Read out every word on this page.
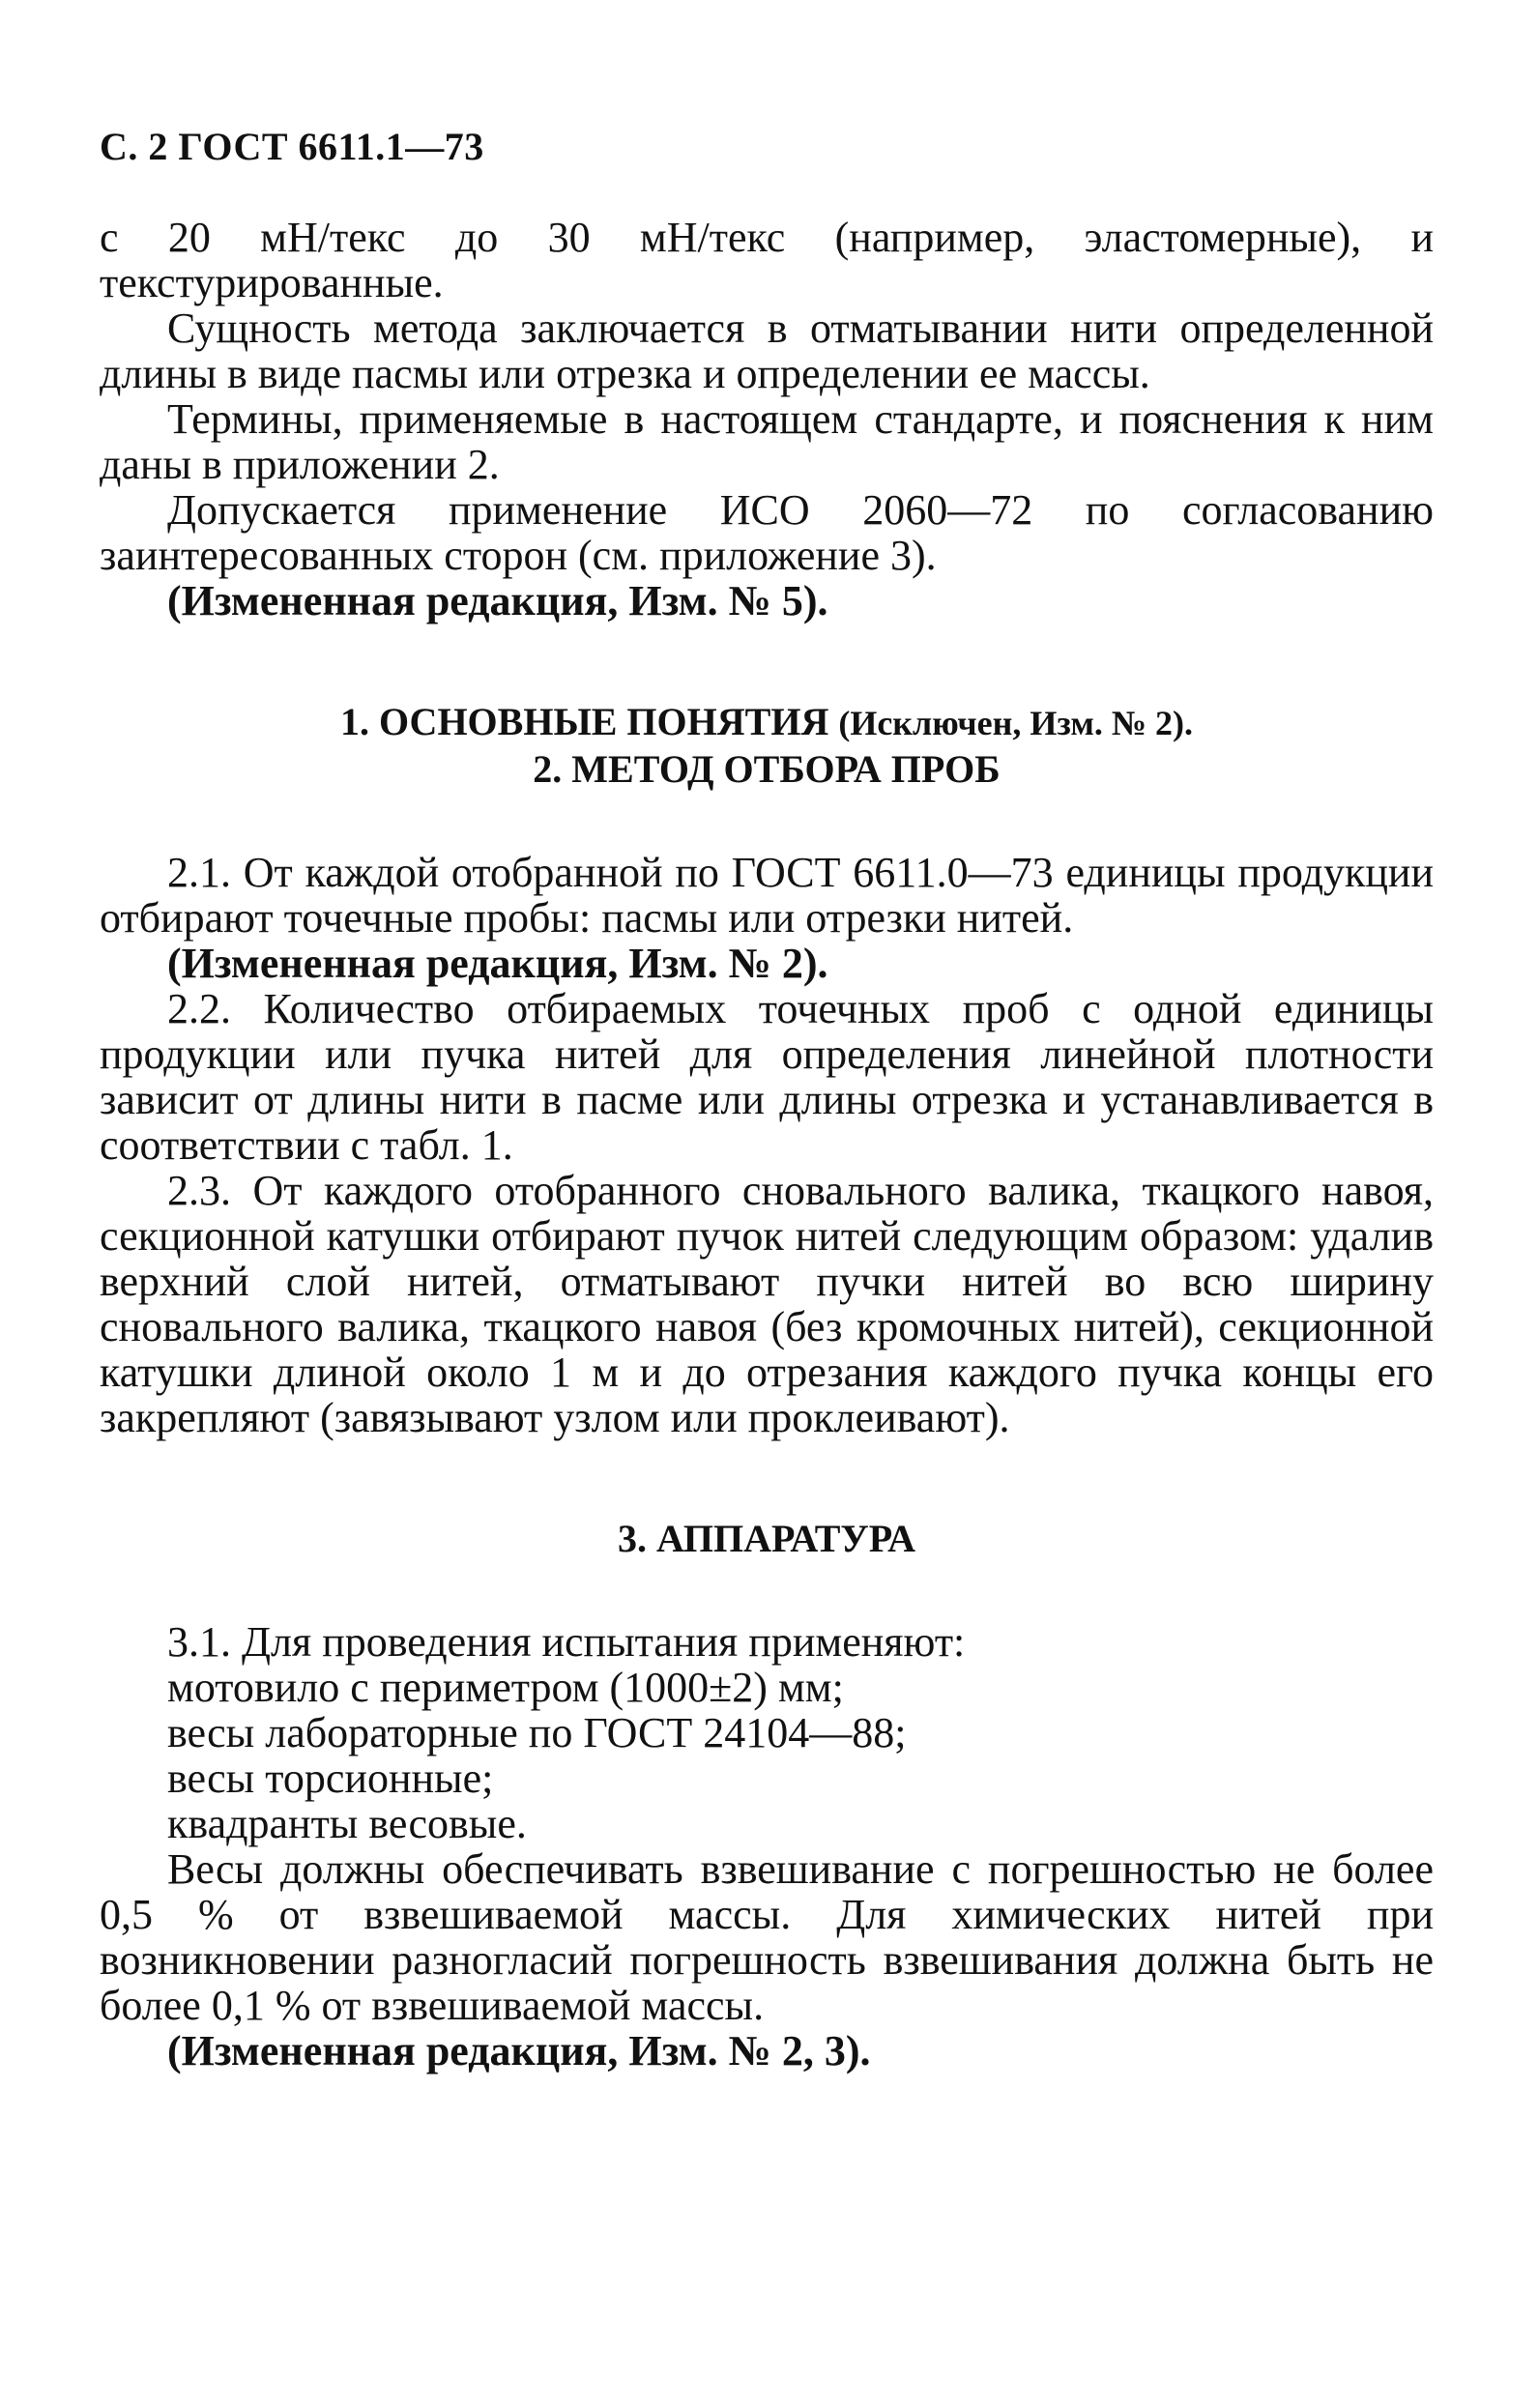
С. 2 ГОСТ 6611.1—73

с 20 мН/текс до 30 мН/текс (например, эластомерные), и текстурированные.

Сущность метода заключается в отматывании нити определенной длины в виде пасмы или отрезка и определении ее массы.

Термины, применяемые в настоящем стандарте, и пояснения к ним даны в приложении 2.

Допускается применение ИСО 2060—72 по согласованию заинтересованных сторон (см. приложение 3).

(Измененная редакция, Изм. № 5).

1. ОСНОВНЫЕ ПОНЯТИЯ (Исключен, Изм. № 2).

2. МЕТОД ОТБОРА ПРОБ

2.1. От каждой отобранной по ГОСТ 6611.0—73 единицы продукции отбирают точечные пробы: пасмы или отрезки нитей.

(Измененная редакция, Изм. № 2).

2.2. Количество отбираемых точечных проб с одной единицы продукции или пучка нитей для определения линейной плотности зависит от длины нити в пасме или длины отрезка и устанавливается в соответствии с табл. 1.

2.3. От каждого отобранного сновального валика, ткацкого навоя, секционной катушки отбирают пучок нитей следующим образом: удалив верхний слой нитей, отматывают пучки нитей во всю ширину сновального валика, ткацкого навоя (без кромочных нитей), секционной катушки длиной около 1 м и до отрезания каждого пучка концы его закрепляют (завязывают узлом или проклеивают).

3. АППАРАТУРА

3.1. Для проведения испытания применяют:

мотовило с периметром (1000±2) мм;

весы лабораторные по ГОСТ 24104—88;

весы торсионные;

квадранты весовые.

Весы должны обеспечивать взвешивание с погрешностью не более 0,5 % от взвешиваемой массы. Для химических нитей при возникновении разногласий погрешность взвешивания должна быть не более 0,1 % от взвешиваемой массы.

(Измененная редакция, Изм. № 2, 3).
